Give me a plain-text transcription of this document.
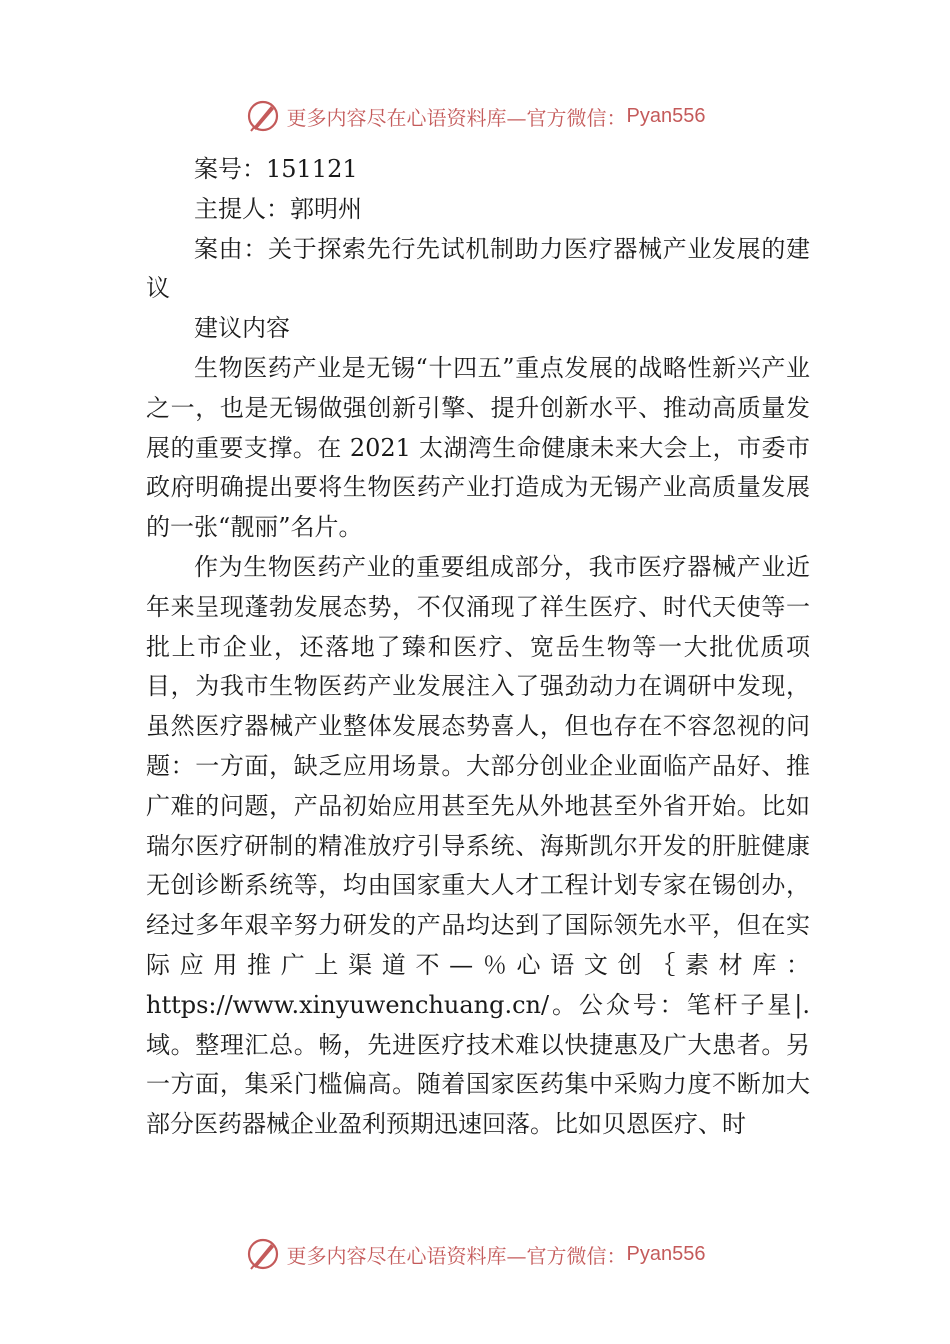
更多内容尽在心语资料库—官方微信： Pyan556

案号：151121

主提人：郭明州

案由：关于探索先行先试机制助力医疗器械产业发展的建议

建议内容

生物医药产业是无锡“十四五”重点发展的战略性新兴产业之一，也是无锡做强创新引擎、提升创新水平、推动高质量发展的重要支撑。在 2021 太湖湾生命健康未来大会上，市委市政府明确提出要将生物医药产业打造成为无锡产业高质量发展的一张“靓丽”名片。

作为生物医药产业的重要组成部分，我市医疗器械产业近年来呈现蓬勃发展态势，不仅涌现了祥生医疗、时代天使等一批上市企业，还落地了臻和医疗、宽岳生物等一大批优质项目，为我市生物医药产业发展注入了强劲动力在调研中发现，虽然医疗器械产业整体发展态势喜人，但也存在不容忽视的问题：一方面，缺乏应用场景。大部分创业企业面临产品好、推广难的问题，产品初始应用甚至先从外地甚至外省开始。比如瑞尔医疗研制的精准放疗引导系统、海斯凯尔开发的肝脏健康无创诊断系统等，均由国家重大人才工程计划专家在锡创办，经过多年艰辛努力研发的产品均达到了国际领先水平，但在实际应用推广上渠道不—％心语文创｛素材库：https://www.xinyuwenchuang.cn/。公众号：笔杆子星|.域。整理汇总。畅，先进医疗技术难以快捷惠及广大患者。另一方面，集采门槛偏高。随着国家医药集中采购力度不断加大部分医药器械企业盈利预期迅速回落。比如贝恩医疗、时

更多内容尽在心语资料库—官方微信： Pyan556
